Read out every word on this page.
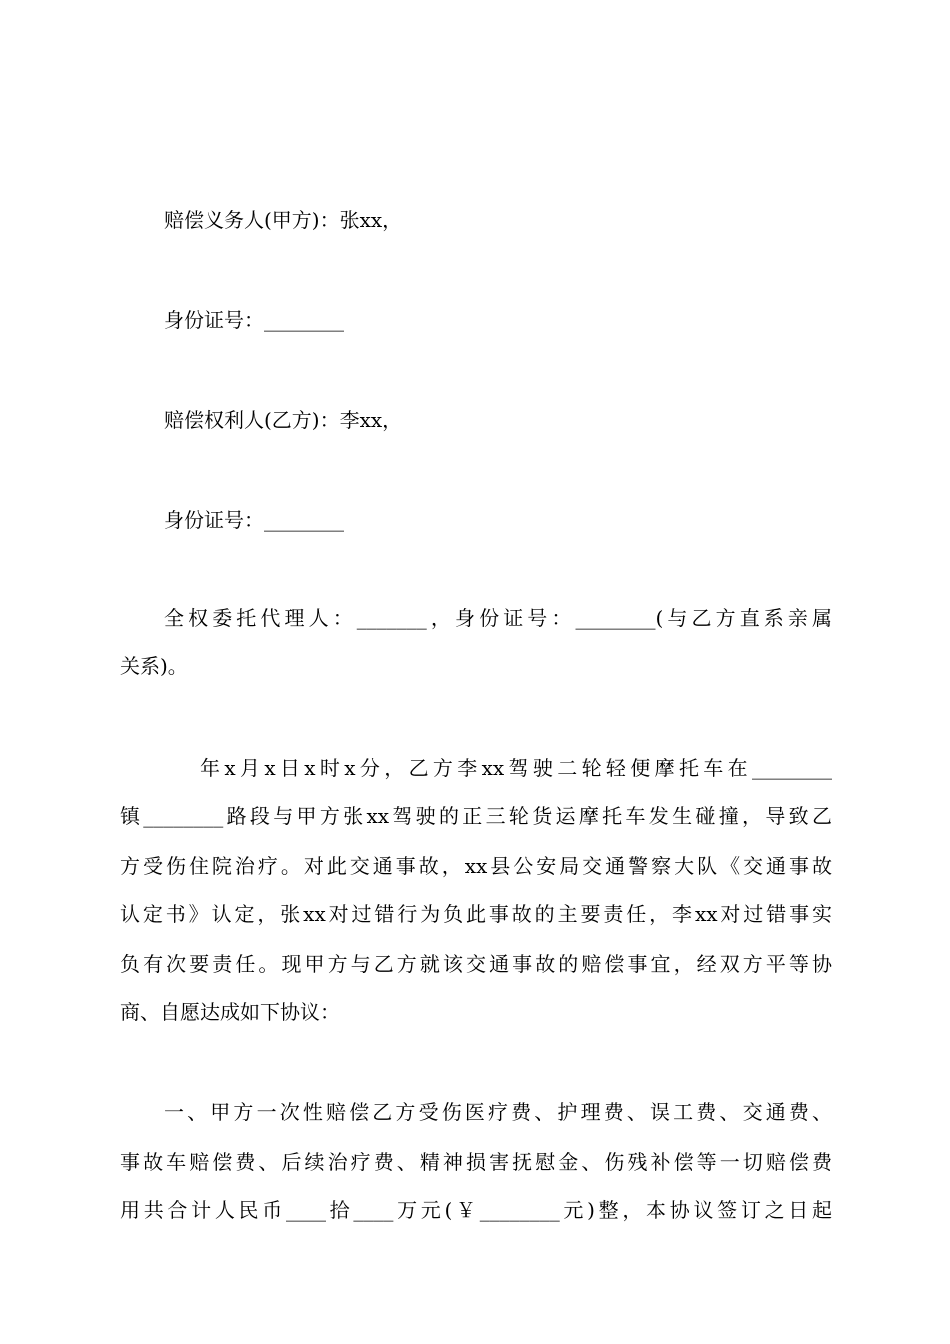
赔偿义务人(甲方)：张xx，
身份证号：________
赔偿权利人(乙方)：李xx，
身份证号：________
全权委托代理人：_______，身份证号：________(与乙方直系亲属
关系)。
年x月x日x时x分，乙方李xx驾驶二轮轻便摩托车在________
镇________路段与甲方张xx驾驶的正三轮货运摩托车发生碰撞，导致乙
方受伤住院治疗。对此交通事故，xx县公安局交通警察大队《交通事故
认定书》认定，张xx对过错行为负此事故的主要责任，李xx对过错事实
负有次要责任。现甲方与乙方就该交通事故的赔偿事宜，经双方平等协
商、自愿达成如下协议：
一、甲方一次性赔偿乙方受伤医疗费、护理费、误工费、交通费、
事故车赔偿费、后续治疗费、精神损害抚慰金、伤残补偿等一切赔偿费
用共合计人民币____拾____万元(￥________元)整，本协议签订之日起
